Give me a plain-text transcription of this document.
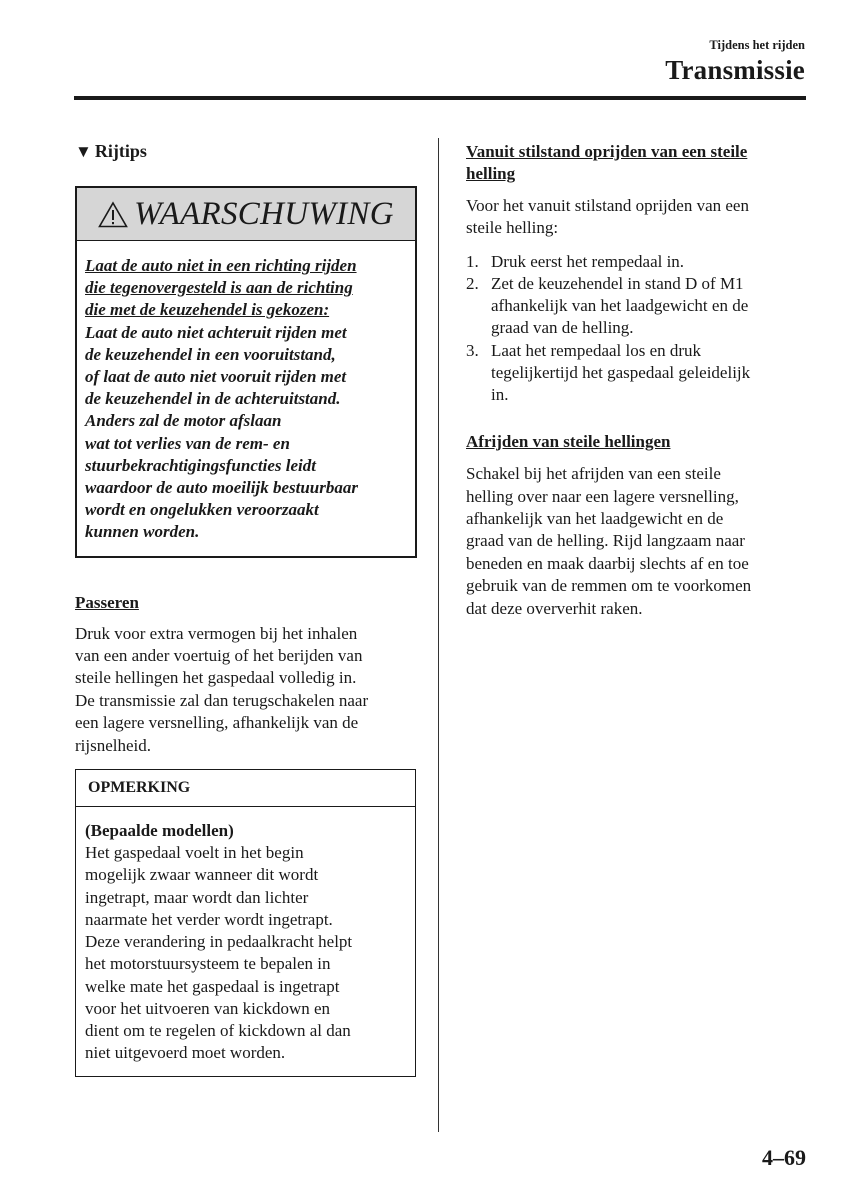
Tijdens het rijden
Transmissie
▼ Rijtips
WAARSCHUWING
Laat de auto niet in een richting rijden
die tegenovergesteld is aan de richting
die met de keuzehendel is gekozen:
Laat de auto niet achteruit rijden met
de keuzehendel in een vooruitstand,
of laat de auto niet vooruit rijden met
de keuzehendel in de achteruitstand.
Anders zal de motor afslaan
wat tot verlies van de rem- en
stuurbekrachtigingsfuncties leidt
waardoor de auto moeilijk bestuurbaar
wordt en ongelukken veroorzaakt
kunnen worden.
Passeren
Druk voor extra vermogen bij het inhalen
van een ander voertuig of het berijden van
steile hellingen het gaspedaal volledig in.
De transmissie zal dan terugschakelen naar
een lagere versnelling, afhankelijk van de
rijsnelheid.
OPMERKING
(Bepaalde modellen)
Het gaspedaal voelt in het begin
mogelijk zwaar wanneer dit wordt
ingetrapt, maar wordt dan lichter
naarmate het verder wordt ingetrapt.
Deze verandering in pedaalkracht helpt
het motorstuursysteem te bepalen in
welke mate het gaspedaal is ingetrapt
voor het uitvoeren van kickdown en
dient om te regelen of kickdown al dan
niet uitgevoerd moet worden.
Vanuit stilstand oprijden van een steile
helling
Voor het vanuit stilstand oprijden van een
steile helling:
1. Druk eerst het rempedaal in.
2. Zet de keuzehendel in stand D of M1
afhankelijk van het laadgewicht en de
graad van de helling.
3. Laat het rempedaal los en druk
tegelijkertijd het gaspedaal geleidelijk
in.
Afrijden van steile hellingen
Schakel bij het afrijden van een steile
helling over naar een lagere versnelling,
afhankelijk van het laadgewicht en de
graad van de helling. Rijd langzaam naar
beneden en maak daarbij slechts af en toe
gebruik van de remmen om te voorkomen
dat deze oververhit raken.
4–69
